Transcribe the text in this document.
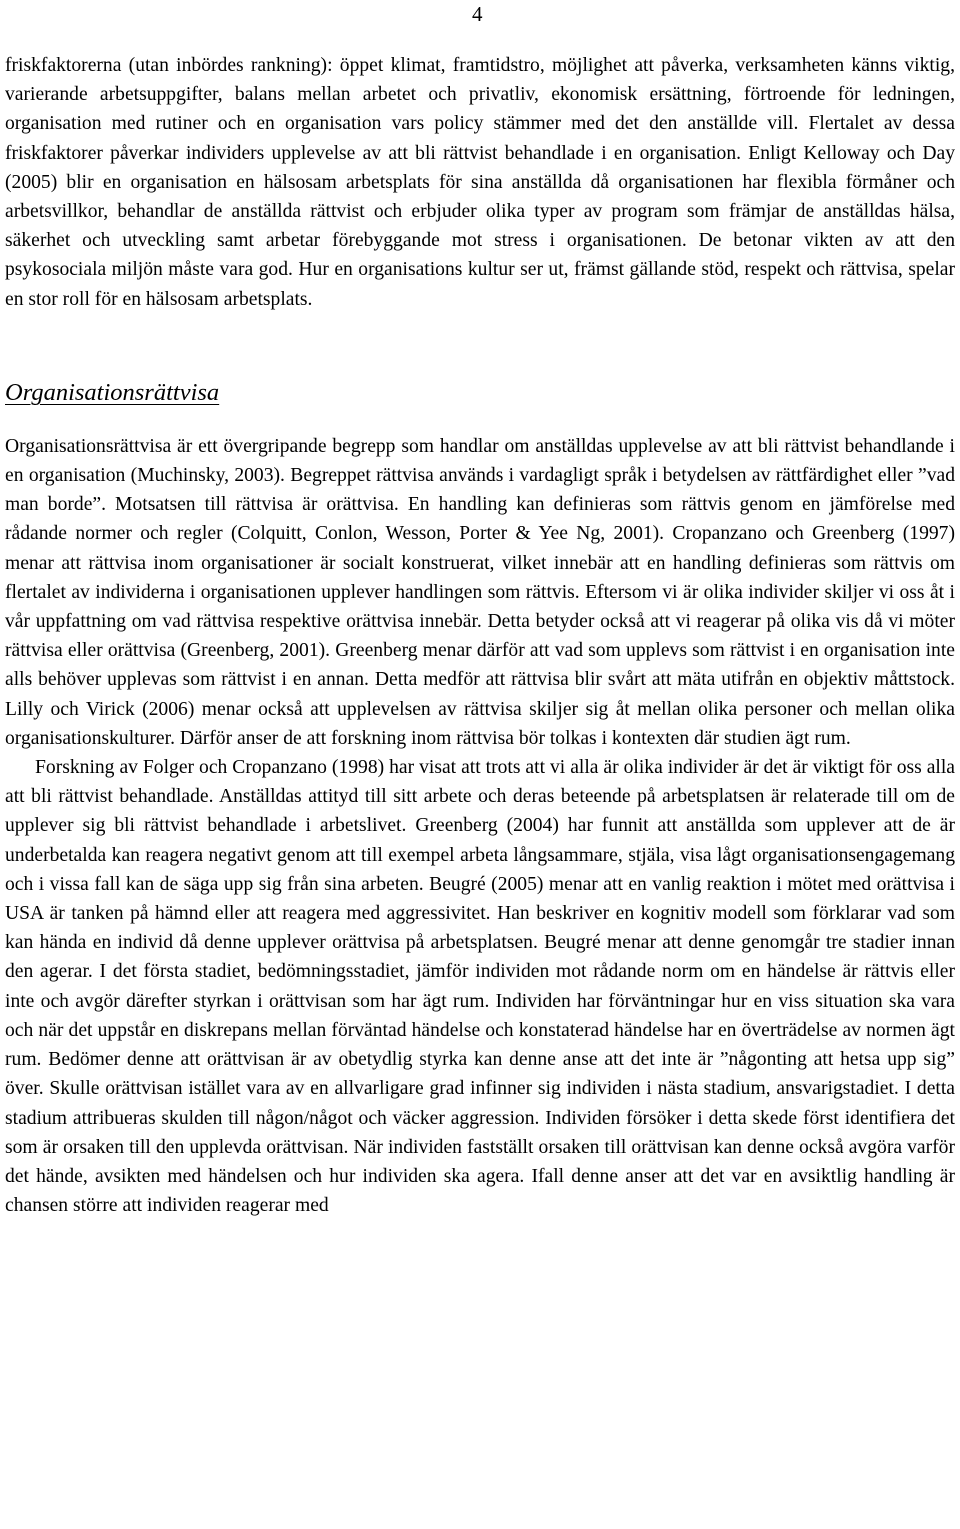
4

friskfaktorerna (utan inbördes rankning): öppet klimat, framtidstro, möjlighet att påverka, verksamheten känns viktig, varierande arbetsuppgifter, balans mellan arbetet och privatliv, ekonomisk ersättning, förtroende för ledningen, organisation med rutiner och en organisation vars policy stämmer med det den anställde vill. Flertalet av dessa friskfaktorer påverkar individers upplevelse av att bli rättvist behandlade i en organisation. Enligt Kelloway och Day (2005) blir en organisation en hälsosam arbetsplats för sina anställda då organisationen har flexibla förmåner och arbetsvillkor, behandlar de anställda rättvist och erbjuder olika typer av program som främjar de anställdas hälsa, säkerhet och utveckling samt arbetar förebyggande mot stress i organisationen. De betonar vikten av att den psykosociala miljön måste vara god. Hur en organisations kultur ser ut, främst gällande stöd, respekt och rättvisa, spelar en stor roll för en hälsosam arbetsplats.

Organisationsrättvisa

Organisationsrättvisa är ett övergripande begrepp som handlar om anställdas upplevelse av att bli rättvist behandlande i en organisation (Muchinsky, 2003). Begreppet rättvisa används i vardagligt språk i betydelsen av rättfärdighet eller ”vad man borde”. Motsatsen till rättvisa är orättvisa. En handling kan definieras som rättvis genom en jämförelse med rådande normer och regler (Colquitt, Conlon, Wesson, Porter & Yee Ng, 2001). Cropanzano och Greenberg (1997) menar att rättvisa inom organisationer är socialt konstruerat, vilket innebär att en handling definieras som rättvis om flertalet av individerna i organisationen upplever handlingen som rättvis. Eftersom vi är olika individer skiljer vi oss åt i vår uppfattning om vad rättvisa respektive orättvisa innebär. Detta betyder också att vi reagerar på olika vis då vi möter rättvisa eller orättvisa (Greenberg, 2001). Greenberg menar därför att vad som upplevs som rättvist i en organisation inte alls behöver upplevas som rättvist i en annan. Detta medför att rättvisa blir svårt att mäta utifrån en objektiv måttstock. Lilly och Virick (2006) menar också att upplevelsen av rättvisa skiljer sig åt mellan olika personer och mellan olika organisationskulturer. Därför anser de att forskning inom rättvisa bör tolkas i kontexten där studien ägt rum.

Forskning av Folger och Cropanzano (1998) har visat att trots att vi alla är olika individer är det är viktigt för oss alla att bli rättvist behandlade. Anställdas attityd till sitt arbete och deras beteende på arbetsplatsen är relaterade till om de upplever sig bli rättvist behandlade i arbetslivet. Greenberg (2004) har funnit att anställda som upplever att de är underbetalda kan reagera negativt genom att till exempel arbeta långsammare, stjäla, visa lågt organisationsengagemang och i vissa fall kan de säga upp sig från sina arbeten. Beugré (2005) menar att en vanlig reaktion i mötet med orättvisa i USA är tanken på hämnd eller att reagera med aggressivitet. Han beskriver en kognitiv modell som förklarar vad som kan hända en individ då denne upplever orättvisa på arbetsplatsen. Beugré menar att denne genomgår tre stadier innan den agerar. I det första stadiet, bedömningsstadiet, jämför individen mot rådande norm om en händelse är rättvis eller inte och avgör därefter styrkan i orättvisan som har ägt rum. Individen har förväntningar hur en viss situation ska vara och när det uppstår en diskrepans mellan förväntad händelse och konstaterad händelse har en överträdelse av normen ägt rum. Bedömer denne att orättvisan är av obetydlig styrka kan denne anse att det inte är ”någonting att hetsa upp sig” över. Skulle orättvisan istället vara av en allvarligare grad infinner sig individen i nästa stadium, ansvarigstadiet. I detta stadium attribueras skulden till någon/något och väcker aggression. Individen försöker i detta skede först identifiera det som är orsaken till den upplevda orättvisan. När individen fastställt orsaken till orättvisan kan denne också avgöra varför det hände, avsikten med händelsen och hur individen ska agera. Ifall denne anser att det var en avsiktlig handling är chansen större att individen reagerar med
